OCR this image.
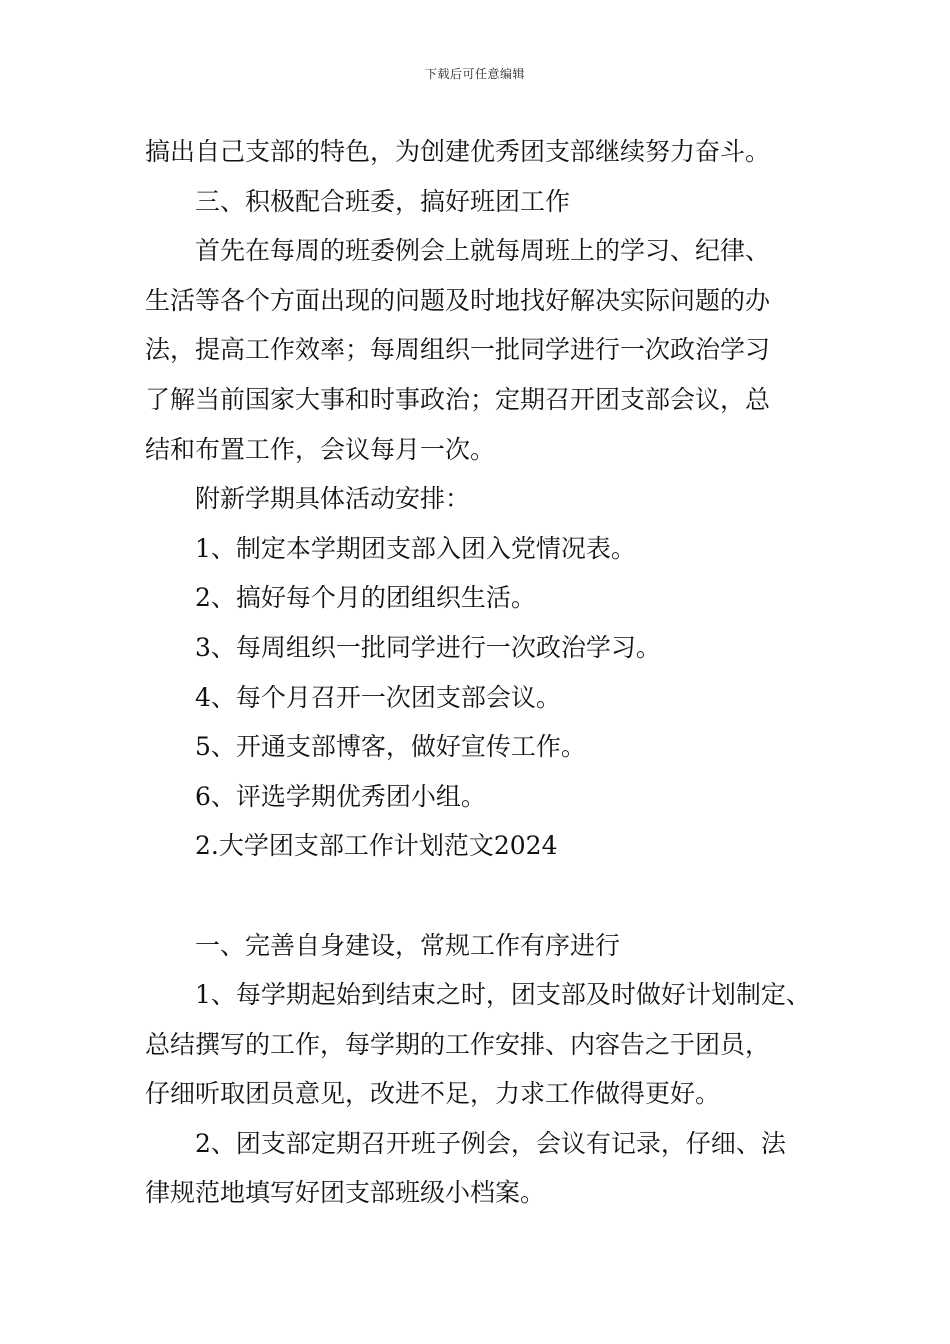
下载后可任意编辑
搞出自己支部的特色，为创建优秀团支部继续努力奋斗。
三、积极配合班委，搞好班团工作
首先在每周的班委例会上就每周班上的学习、纪律、
生活等各个方面出现的问题及时地找好解决实际问题的办
法，提高工作效率；每周组织一批同学进行一次政治学习
了解当前国家大事和时事政治；定期召开团支部会议，总
结和布置工作，会议每月一次。
附新学期具体活动安排：
1、制定本学期团支部入团入党情况表。
2、搞好每个月的团组织生活。
3、每周组织一批同学进行一次政治学习。
4、每个月召开一次团支部会议。
5、开通支部博客，做好宣传工作。
6、评选学期优秀团小组。
2.大学团支部工作计划范文2024
一、完善自身建设，常规工作有序进行
1、每学期起始到结束之时，团支部及时做好计划制定、
总结撰写的工作，每学期的工作安排、内容告之于团员，
仔细听取团员意见，改进不足，力求工作做得更好。
2、团支部定期召开班子例会，会议有记录，仔细、法
律规范地填写好团支部班级小档案。
